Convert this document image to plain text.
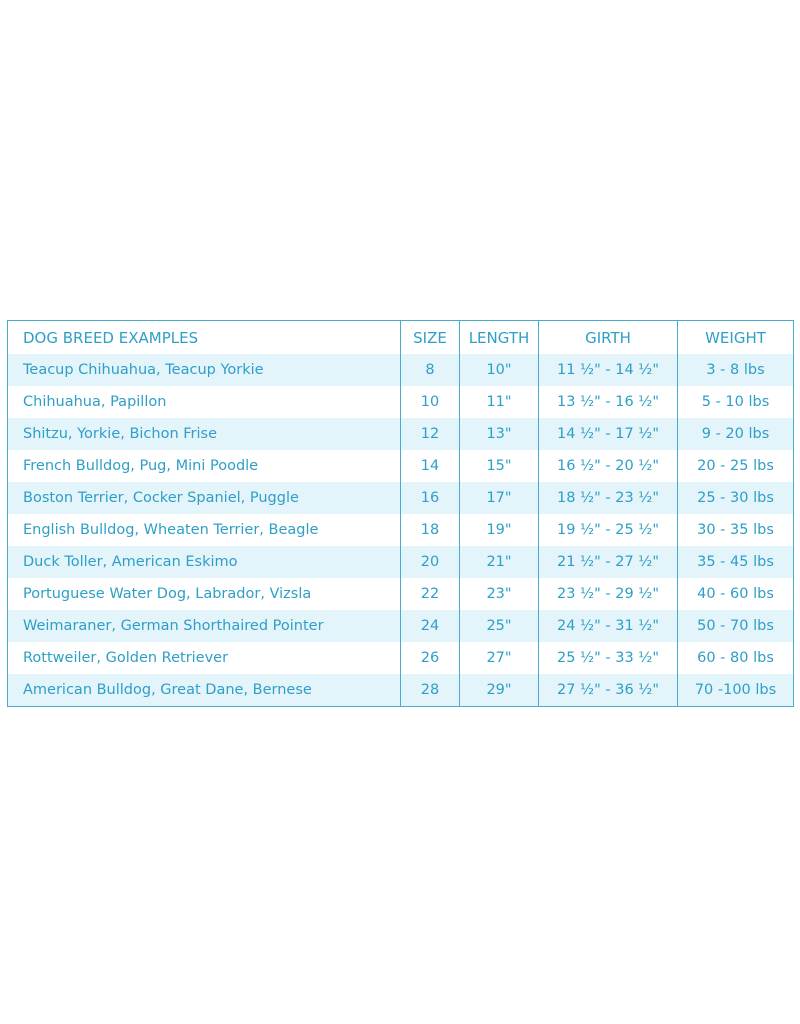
DOG BREED EXAMPLES	SIZE	LENGTH	GIRTH	WEIGHT
Teacup Chihuahua, Teacup Yorkie	8	10"	11 ½" - 14 ½"	3 - 8 lbs
Chihuahua, Papillon	10	11"	13 ½" - 16 ½"	5 - 10 lbs
Shitzu, Yorkie, Bichon Frise	12	13"	14 ½" - 17 ½"	9 - 20 lbs
French Bulldog, Pug, Mini Poodle	14	15"	16 ½" - 20 ½"	20 - 25 lbs
Boston Terrier, Cocker Spaniel, Puggle	16	17"	18 ½" - 23 ½"	25 - 30 lbs
English Bulldog, Wheaten Terrier, Beagle	18	19"	19 ½" - 25 ½"	30 - 35 lbs
Duck Toller, American Eskimo	20	21"	21 ½" - 27 ½"	35 - 45 lbs
Portuguese Water Dog, Labrador, Vizsla	22	23"	23 ½" - 29 ½"	40 - 60 lbs
Weimaraner, German Shorthaired Pointer	24	25"	24 ½" - 31 ½"	50 - 70 lbs
Rottweiler, Golden Retriever	26	27"	25 ½" - 33 ½"	60 - 80 lbs
American Bulldog, Great Dane, Bernese	28	29"	27 ½" - 36 ½"	70 -100 lbs
